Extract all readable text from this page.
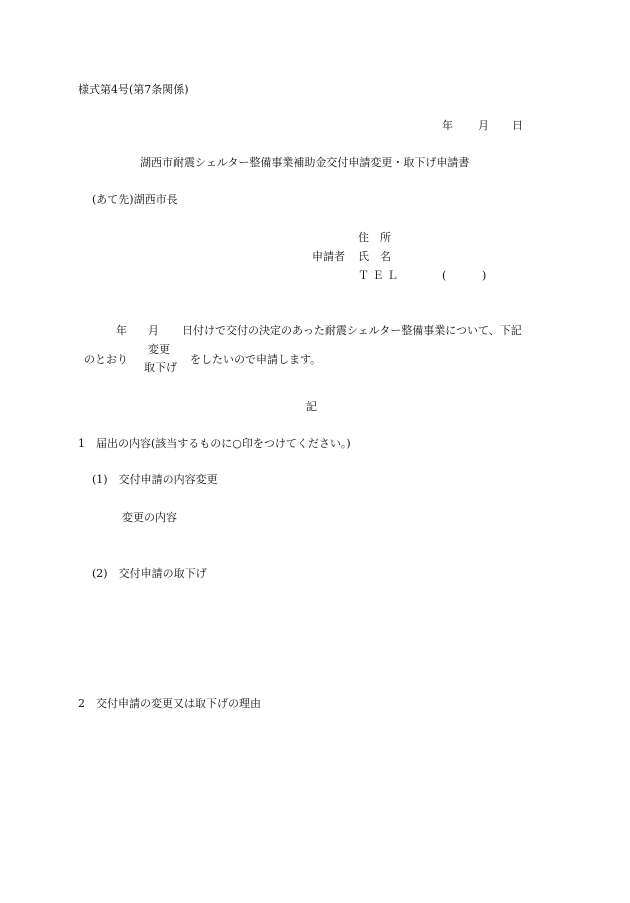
様式第4号(第7条関係)
年 月 日
湖西市耐震シェルター整備事業補助金交付申請変更・取下げ申請書
(あて先)湖西市長
住　所
申請者 氏　名
Ｔ Ｅ Ｌ	(	)
年 月 日付けで交付の決定のあった耐震シェルター整備事業について、下記
のとおり
変更
取下げ
をしたいので申請します。
記
1　届出の内容(該当するものに○印をつけてください。)
(1)　交付申請の内容変更
変更の内容
(2)　交付申請の取下げ
2　交付申請の変更又は取下げの理由
